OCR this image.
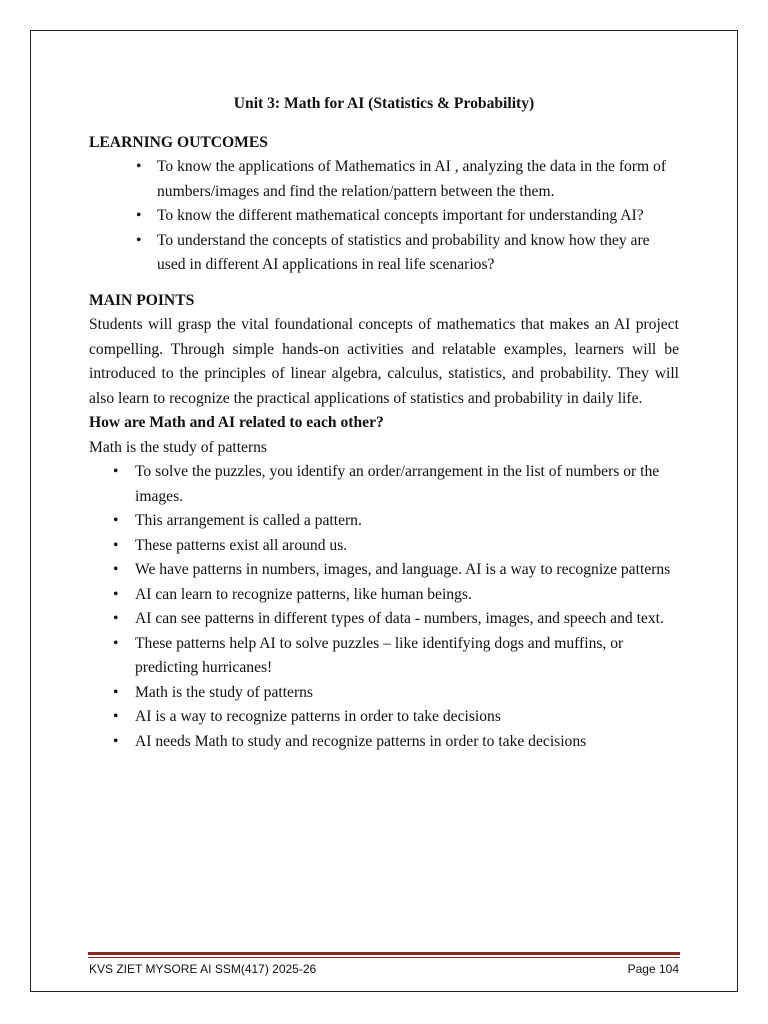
Unit 3: Math for AI (Statistics & Probability)

LEARNING OUTCOMES

• To know the applications of Mathematics in AI , analyzing the data in the form of numbers/images and find the relation/pattern between the them.
• To know the different mathematical concepts important for understanding AI?
• To understand the concepts of statistics and probability and know how they are used in different AI applications in real life scenarios?

MAIN POINTS

Students will grasp the vital foundational concepts of mathematics that makes an AI project compelling. Through simple hands-on activities and relatable examples, learners will be introduced to the principles of linear algebra, calculus, statistics, and probability. They will also learn to recognize the practical applications of statistics and probability in daily life.

How are Math and AI related to each other?

Math is the study of patterns

• To solve the puzzles, you identify an order/arrangement in the list of numbers or the images.
• This arrangement is called a pattern.
• These patterns exist all around us.
• We have patterns in numbers, images, and language. AI is a way to recognize patterns
• AI can learn to recognize patterns, like human beings.
• AI can see patterns in different types of data - numbers, images, and speech and text.
• These patterns help AI to solve puzzles – like identifying dogs and muffins, or predicting hurricanes!
• Math is the study of patterns
• AI is a way to recognize patterns in order to take decisions
• AI needs Math to study and recognize patterns in order to take decisions
KVS ZIET MYSORE AI SSM(417) 2025-26	Page 104
